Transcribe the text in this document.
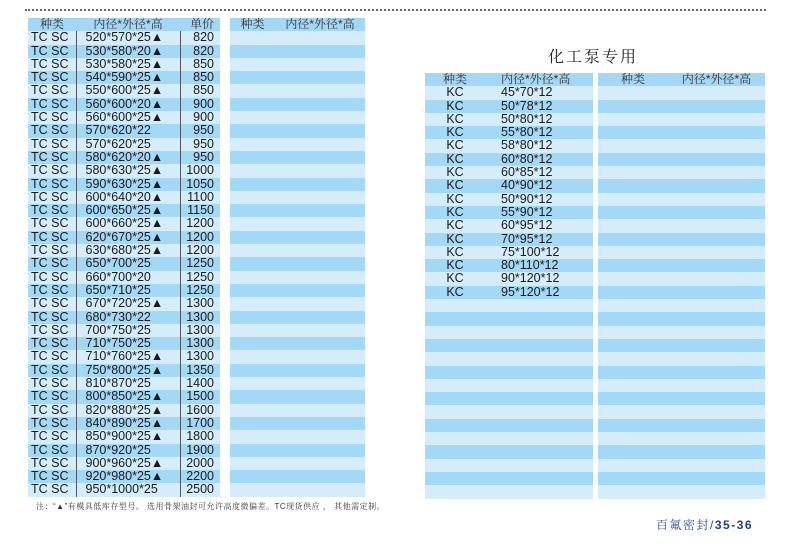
种类	内径*外径*高	单价
TC SC	520*570*25▲	820
TC SC	530*580*20▲	820
TC SC	530*580*25▲	850
TC SC	540*590*25▲	850
TC SC	550*600*25▲	850
TC SC	560*600*20▲	900
TC SC	560*600*25▲	900
TC SC	570*620*22	950
TC SC	570*620*25	950
TC SC	580*620*20▲	950
TC SC	580*630*25▲	1000
TC SC	590*630*25▲	1050
TC SC	600*640*20▲	1100
TC SC	600*650*25▲	1150
TC SC	600*660*25▲	1200
TC SC	620*670*25▲	1200
TC SC	630*680*25▲	1200
TC SC	650*700*25	1250
TC SC	660*700*20	1250
TC SC	650*710*25	1250
TC SC	670*720*25▲	1300
TC SC	680*730*22	1300
TC SC	700*750*25	1300
TC SC	710*750*25	1300
TC SC	710*760*25▲	1300
TC SC	750*800*25▲	1350
TC SC	810*870*25	1400
TC SC	800*850*25▲	1500
TC SC	820*880*25▲	1600
TC SC	840*890*25▲	1700
TC SC	850*900*25▲	1800
TC SC	870*920*25	1900
TC SC	900*960*25▲	2000
TC SC	920*980*25▲	2200
TC SC	950*1000*25	2500
种类	内径*外径*高

化工泵专用
种类	内径*外径*高
KC	45*70*12
KC	50*78*12
KC	50*80*12
KC	55*80*12
KC	58*80*12
KC	60*80*12
KC	60*85*12
KC	40*90*12
KC	50*90*12
KC	55*90*12
KC	60*95*12
KC	70*95*12
KC	75*100*12
KC	80*110*12
KC	90*120*12
KC	95*120*12

种类	内径*外径*高

注：“▲”有模具低库存型号。 选用骨架油封可允许高度微偏差。TC现货供应 ， 其他需定制。
百氟密封/35-36
